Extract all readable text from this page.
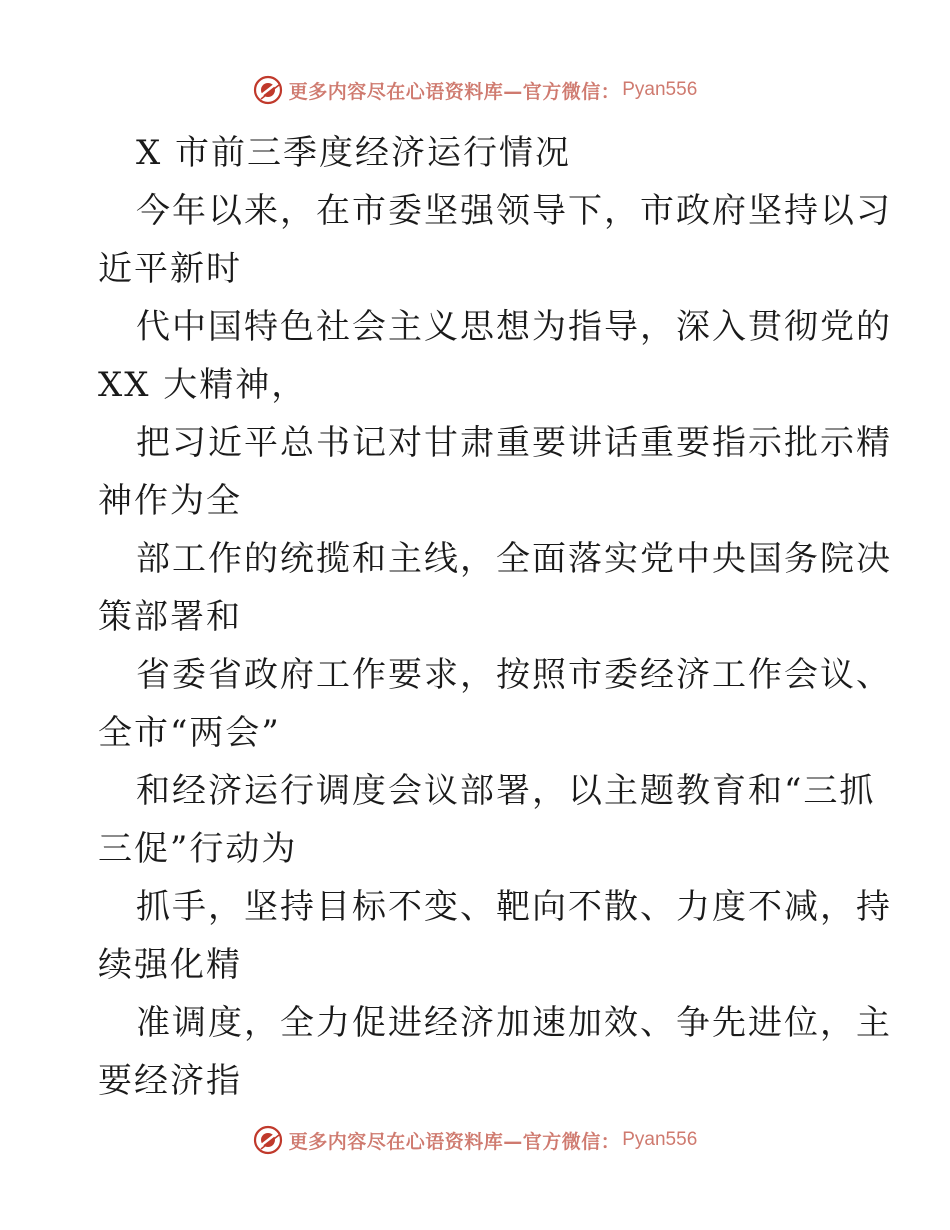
更多内容尽在心语资料库—官方微信： Pyan556
X 市前三季度经济运行情况
今年以来，在市委坚强领导下，市政府坚持以习
近平新时
代中国特色社会主义思想为指导，深入贯彻党的
XX 大精神，
把习近平总书记对甘肃重要讲话重要指示批示精
神作为全
部工作的统揽和主线，全面落实党中央国务院决
策部署和
省委省政府工作要求，按照市委经济工作会议、
全市“两会”
和经济运行调度会议部署，以主题教育和“三抓
三促”行动为
抓手，坚持目标不变、靶向不散、力度不减，持
续强化精
准调度，全力促进经济加速加效、争先进位，主
要经济指
更多内容尽在心语资料库—官方微信： Pyan556
